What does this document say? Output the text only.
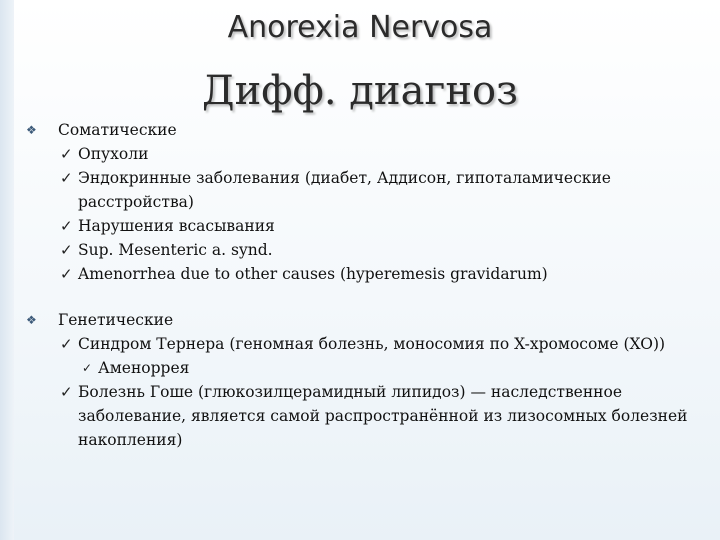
Anorexia Nervosa
Дифф. диагноз
❖ Соматические
✓ Опухоли
✓ Эндокринные заболевания (диабет, Аддисон, гипоталамические расстройства)
✓ Нарушения всасывания
✓ Sup. Mesenteric a. synd.
✓ Amenorrhea due to other causes (hyperemesis gravidarum)
❖ Генетические
✓ Синдром Тернера (геномная болезнь, моносомия по X-хромосоме (XO))
✓ Аменоррея
✓ Болезнь Гоше (глюкозилцерамидный липидоз) — наследственное заболевание, является самой распространённой из лизосомных болезней накопления)
